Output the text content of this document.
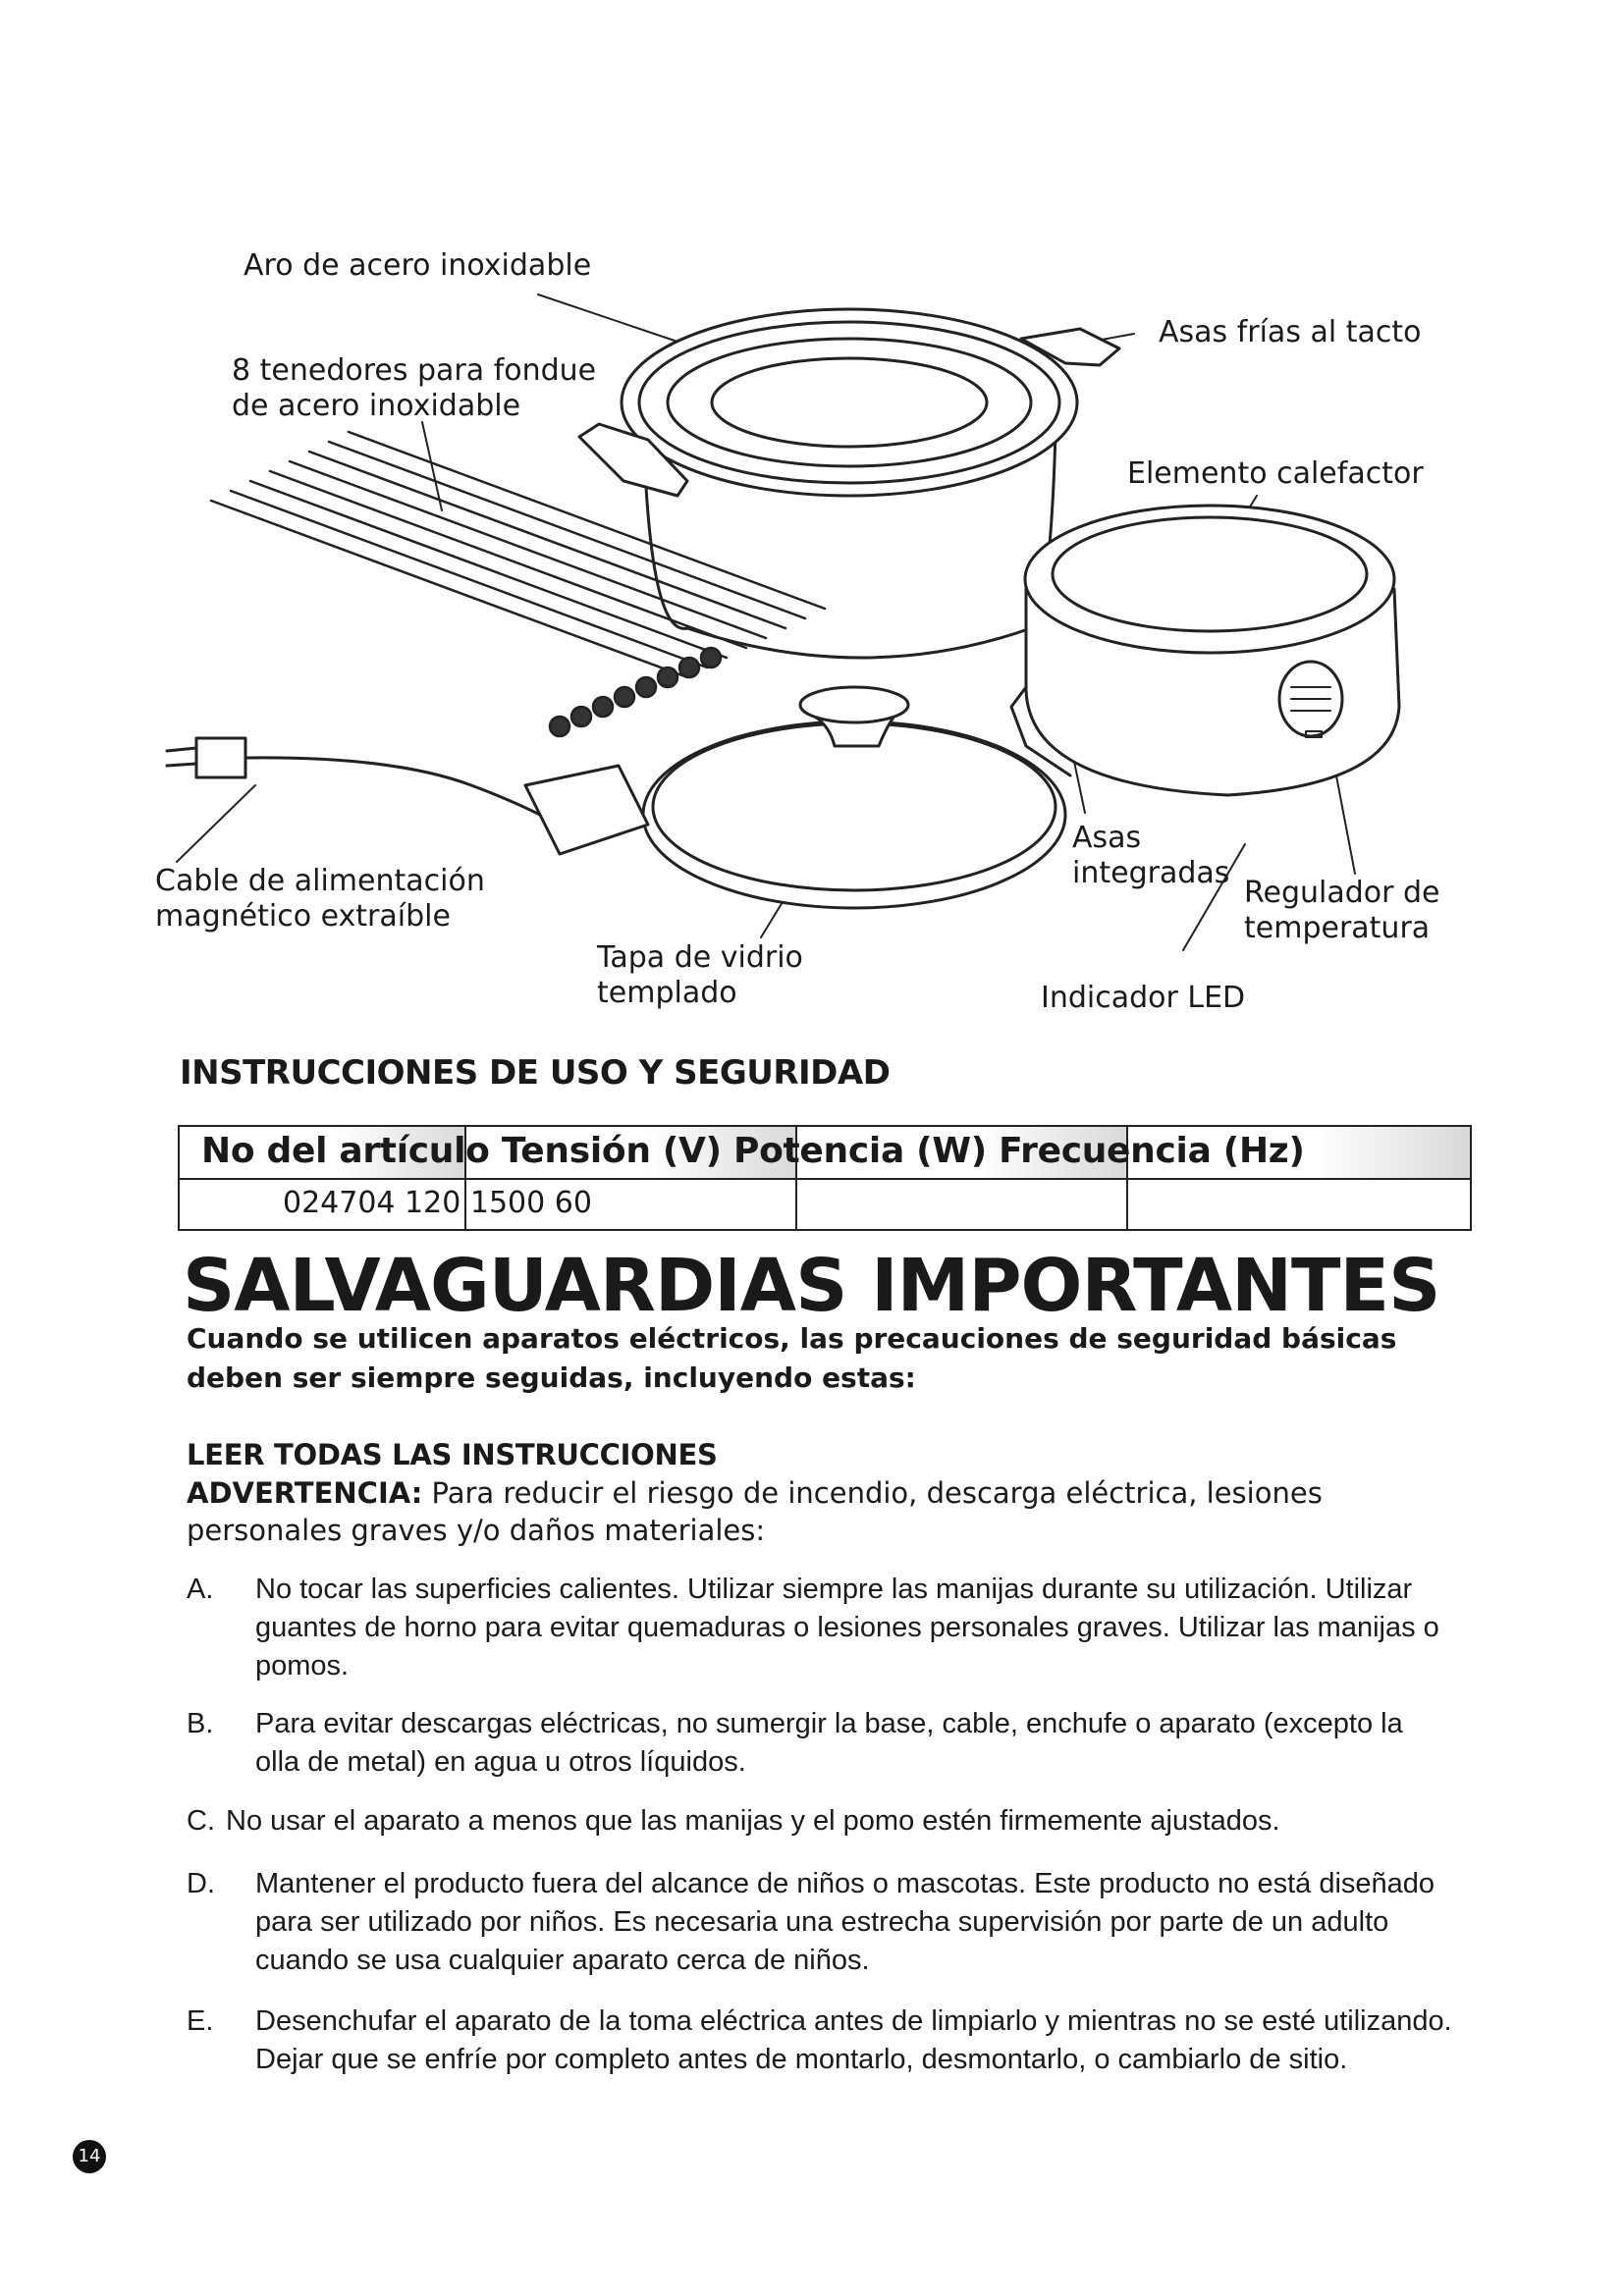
Aro de acero inoxidable
8 tenedores para fondue
de acero inoxidable
Asas frías al tacto
Elemento calefactor
Cable de alimentación
magnético extraíble
Tapa de vidrio
templado
Asas
integradas
Regulador de
temperatura
Indicador LED
INSTRUCCIONES DE USO Y SEGURIDAD

No del artículo Tensión (V) Potencia (W) Frecuencia (Hz)
024704 120 1500 60
SALVAGUARDIAS IMPORTANTES
Cuando se utilicen aparatos eléctricos, las precauciones de seguridad básicas deben ser siempre seguidas, incluyendo estas:
LEER TODAS LAS INSTRUCCIONES
ADVERTENCIA: Para reducir el riesgo de incendio, descarga eléctrica, lesiones personales graves y/o daños materiales:
A. No tocar las superficies calientes. Utilizar siempre las manijas durante su utilización. Utilizar guantes de horno para evitar quemaduras o lesiones personales graves. Utilizar las manijas o pomos.
B. Para evitar descargas eléctricas, no sumergir la base, cable, enchufe o aparato (excepto la olla de metal) en agua u otros líquidos.
C. No usar el aparato a menos que las manijas y el pomo estén firmemente ajustados.
D. Mantener el producto fuera del alcance de niños o mascotas. Este producto no está diseñado para ser utilizado por niños. Es necesaria una estrecha supervisión por parte de un adulto cuando se usa cualquier aparato cerca de niños.
E. Desenchufar el aparato de la toma eléctrica antes de limpiarlo y mientras no se esté utilizando. Dejar que se enfríe por completo antes de montarlo, desmontarlo, o cambiarlo de sitio.
14
